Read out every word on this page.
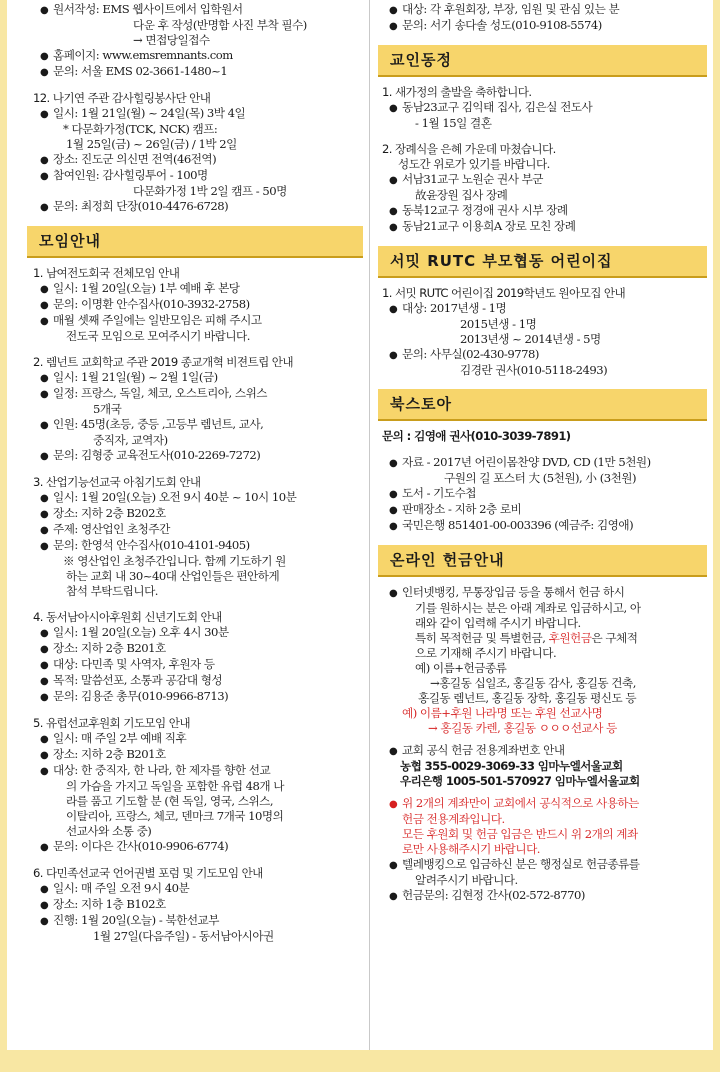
● 원서작성: EMS 웹사이트에서 입학원서

다운 후 작성(반명함 사진 부착 필수)

→ 면접당일접수

● 홈페이지: www.emsremnants.com

● 문의: 서울 EMS 02-3661-1480~1

12. 나기연 주관 감사힐링봉사단 안내

● 일시: 1월 21일(월) ~ 24일(목) 3박 4일

* 다문화가정(TCK, NCK) 캠프:

1월 25일(금) ~ 26일(금) / 1박 2일

● 장소: 진도군 의신면 전역(46전역)

● 참여인원: 감사힐링투어 - 100명

다문화가정 1박 2일 캠프 - 50명

● 문의: 최정희 단장(010-4476-6728)

모임안내

1. 남여전도회국 전체모임 안내

● 일시: 1월 20일(오늘) 1부 예배 후 본당

● 문의: 이명환 안수집사(010-3932-2758)

● 매월 셋째 주일에는 일반모임은 피해 주시고

전도국 모임으로 모여주시기 바랍니다.

2. 렘넌트 교회학교 주관 2019 종교개혁 비젼트립 안내

● 일시: 1월 21일(월) ~ 2월 1일(금)

● 일정: 프랑스, 독일, 체코, 오스트리아, 스위스

5개국

● 인원: 45명(초등, 중등 ,고등부 렘넌트, 교사,

중직자, 교역자)

● 문의: 김형중 교육전도사(010-2269-7272)

3. 산업기능선교국 아침기도회 안내

● 일시: 1월 20일(오늘) 오전 9시 40분 ~ 10시 10분

● 장소: 지하 2층 B202호

● 주제: 영산업인 초청주간

● 문의: 한영석 안수집사(010-4101-9405)

※ 영산업인 초청주간입니다. 함께 기도하기 원

하는 교회 내 30~40대 산업인들은 편안하게

참석 부탁드립니다.

4. 동서남아시아후원회 신년기도회 안내

● 일시: 1월 20일(오늘) 오후 4시 30분

● 장소: 지하 2층 B201호

● 대상: 다민족 및 사역자, 후원자 등

● 목적: 말씀선포, 소통과 공감대 형성

● 문의: 김용준 총무(010-9966-8713)

5. 유럽선교후원회 기도모임 안내

● 일시: 매 주일 2부 예배 직후

● 장소: 지하 2층 B201호

● 대상: 한 중직자, 한 나라, 한 제자를 향한 선교

의 가슴을 가지고 독일을 포함한 유럽 48개 나

라를 품고 기도할 분 (현 독일, 영국, 스위스,

이탈리아, 프랑스, 체코, 덴마크 7개국 10명의

선교사와 소통 중)

● 문의: 이다은 간사(010-9906-6774)

6. 다민족선교국 언어권별 포럼 및 기도모임 안내

● 일시: 매 주일 오전 9시 40분

● 장소: 지하 1층 B102호

● 진행: 1월 20일(오늘) - 북한선교부

1월 27일(다음주일) - 동서남아시아권

● 대상: 각 후원회장, 부장, 임원 및 관심 있는 분

● 문의: 서기 송다솔 성도(010-9108-5574)

교인동정

1. 새가정의 출발을 축하합니다.

● 동남23교구 김익태 집사, 김은실 전도사

- 1월 15일 결혼

2. 장례식을 은혜 가운데 마쳤습니다.

성도간 위로가 있기를 바랍니다.

● 서남31교구 노원순 권사 부군

故윤장원 집사 장례

● 동북12교구 정경애 권사 시부 장례

● 동남21교구 이용희A 장로 모친 장례

서밋 RUTC 부모협동 어린이집

1. 서밋 RUTC 어린이집 2019학년도 원아모집 안내

● 대상: 2017년생 - 1명

2015년생 - 1명

2013년생 ~ 2014년생 - 5명

● 문의: 사무실(02-430-9778)

김경란 권사(010-5118-2493)

북스토아

문의 : 김영애 권사(010-3039-7891)

● 자료 - 2017년 어린이몸찬양 DVD, CD (1만 5천원)

구원의 길 포스터 大 (5천원), 小 (3천원)

● 도서 - 기도수첩

● 판매장소 - 지하 2층 로비

● 국민은행 851401-00-003396 (예금주: 김영애)

온라인 헌금안내

● 인터넷뱅킹, 무통장입금 등을 통해서 헌금 하시

기를 원하시는 분은 아래 계좌로 입금하시고, 아

래와 같이 입력해 주시기 바랍니다.

특히 목적헌금 및 특별헌금, 후원헌금은 구체적

으로 기재해 주시기 바랍니다.

예) 이름+헌금종류

→홍길동 십일조, 홍길동 감사, 홍길동 건축,

홍길동 렘넌트, 홍길동 장학, 홍길동 평신도 등

예) 이름+후원 나라명 또는 후원 선교사명

→ 홍길동 카렌, 홍길동 ㅇㅇㅇ선교사 등

● 교회 공식 헌금 전용계좌번호 안내

농협 355-0029-3069-33 임마누엘서울교회

우리은행 1005-501-570927 임마누엘서울교회

● 위 2개의 계좌만이 교회에서 공식적으로 사용하는

헌금 전용계좌입니다.

모든 후원회 및 헌금 입금은 반드시 위 2개의 계좌

로만 사용해주시기 바랍니다.

● 텔레뱅킹으로 입금하신 분은 행정실로 헌금종류를

알려주시기 바랍니다.

● 헌금문의: 김현정 간사(02-572-8770)
